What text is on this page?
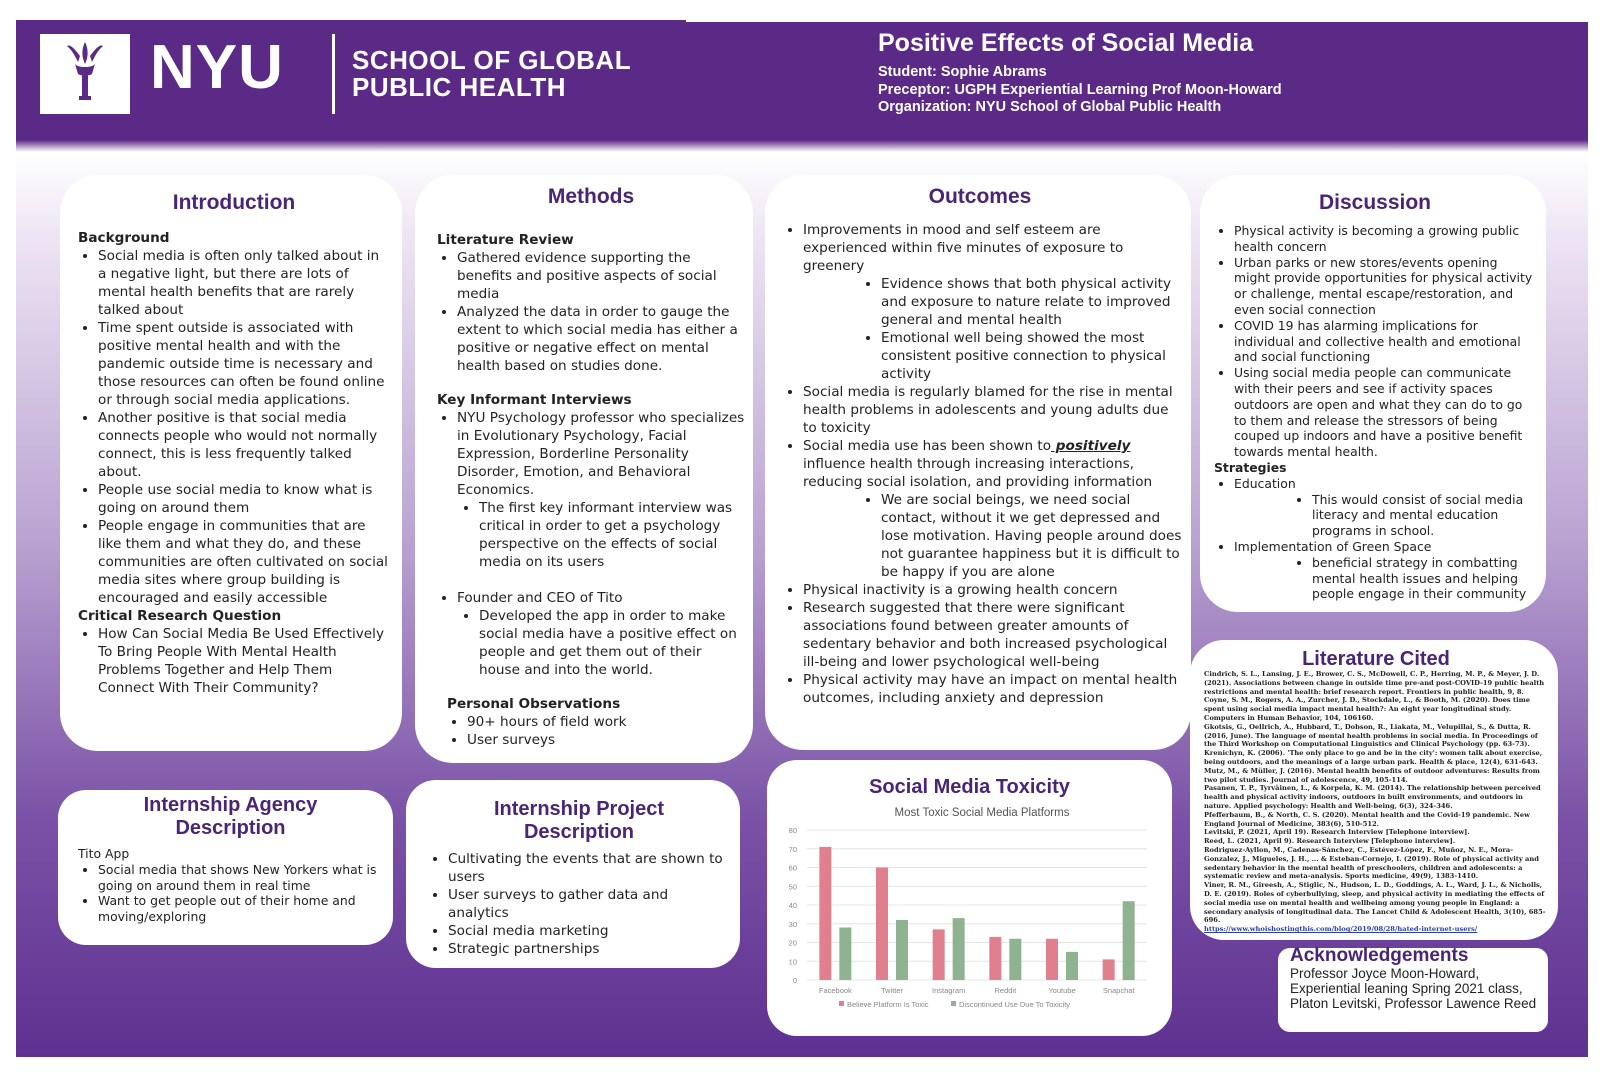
NYU	SCHOOL OF GLOBAL
PUBLIC HEALTH
Positive Effects of Social Media
Student: Sophie Abrams
Preceptor: UGPH Experiential Learning Prof Moon-Howard
Organization: NYU School of Global Public Health
Introduction

Background

• Social media is often only talked about in a negative light, but there are lots of mental health benefits that are rarely talked about
• Time spent outside is associated with positive mental health and with the pandemic outside time is necessary and those resources can often be found online or through social media applications.
• Another positive is that social media connects people who would not normally connect, this is less frequently talked about.
• People use social media to know what is going on around them
• People engage in communities that are like them and what they do, and these communities are often cultivated on social media sites where group building is encouraged and easily accessible

Critical Research Question

• How Can Social Media Be Used Effectively To Bring People With Mental Health Problems Together and Help Them Connect With Their Community?
Methods

Literature Review

• Gathered evidence supporting the benefits and positive aspects of social media
• Analyzed the data in order to gauge the extent to which social media has either a positive or negative effect on mental health based on studies done.

Key Informant Interviews

• NYU Psychology professor who specializes in Evolutionary Psychology, Facial Expression, Borderline Personality Disorder, Emotion, and Behavioral Economics.
• The first key informant interview was critical in order to get a psychology perspective on the effects of social media on its users
• Founder and CEO of Tito
• Developed the app in order to make social media have a positive effect on people and get them out of their house and into the world.

Personal Observations

• 90+ hours of field work
• User surveys
Outcomes
• Improvements in mood and self esteem are experienced within five minutes of exposure to greenery
• Evidence shows that both physical activity and exposure to nature relate to improved general and mental health
• Emotional well being showed the most consistent positive connection to physical activity
• Social media is regularly blamed for the rise in mental health problems in adolescents and young adults due to toxicity
• Social media use has been shown to positively influence health through increasing interactions, reducing social isolation, and providing information
• We are social beings, we need social contact, without it we get depressed and lose motivation. Having people around does not guarantee happiness but it is difficult to be happy if you are alone
• Physical inactivity is a growing health concern
• Research suggested that there were significant associations found between greater amounts of sedentary behavior and both increased psychological ill-being and lower psychological well-being
• Physical activity may have an impact on mental health outcomes, including anxiety and depression
Discussion
• Physical activity is becoming a growing public health concern
• Urban parks or new stores/events opening might provide opportunities for physical activity or challenge, mental escape/restoration, and even social connection
• COVID 19 has alarming implications for individual and collective health and emotional and social functioning
• Using social media people can communicate with their peers and see if activity spaces outdoors are open and what they can do to go to them and release the stressors of being couped up indoors and have a positive benefit towards mental health.

Strategies

• Education
• This would consist of social media literacy and mental education programs in school.
• Implementation of Green Space
• beneficial strategy in combatting mental health issues and helping people engage in their community
Literature Cited
Cindrich, S. L., Lansing, J. E., Brower, C. S., McDowell, C. P., Herring, M. P., & Meyer, J. D. (2021). Associations between change in outside time pre-and post-COVID-19 public health restrictions and mental health: brief research report. Frontiers in public health, 9, 8.
Coyne, S. M., Rogers, A. A., Zurcher, J. D., Stockdale, L., & Booth, M. (2020). Does time spent using social media impact mental health?: An eight year longitudinal study. Computers in Human Behavior, 104, 106160.
Gkotsis, G., Oellrich, A., Hubbard, T., Dobson, R., Liakata, M., Velupillai, S., & Dutta, R. (2016, June). The language of mental health problems in social media. In Proceedings of the Third Workshop on Computational Linguistics and Clinical Psychology (pp. 63-73).
Krenichyn, K. (2006). 'The only place to go and be in the city': women talk about exercise, being outdoors, and the meanings of a large urban park. Health & place, 12(4), 631-643.
Mutz, M., & Müller, J. (2016). Mental health benefits of outdoor adventures: Results from two pilot studies. Journal of adolescence, 49, 105-114.
Pasanen, T. P., Tyrväinen, L., & Korpela, K. M. (2014). The relationship between perceived health and physical activity indoors, outdoors in built environments, and outdoors in nature. Applied psychology: Health and Well-being, 6(3), 324-346.
Pfefferbaum, B., & North, C. S. (2020). Mental health and the Covid-19 pandemic. New England Journal of Medicine, 383(6), 510-512.
Levitski, P. (2021, April 19). Research Interview [Telephone interview].
Reed, L. (2021, April 9). Research Interview [Telephone interview].
Rodriguez-Ayllon, M., Cadenas-Sánchez, C., Estévez-López, F., Muñoz, N. E., Mora-Gonzalez, J., Migueles, J. H., ... & Esteban-Cornejo, I. (2019). Role of physical activity and sedentary behavior in the mental health of preschoolers, children and adolescents: a systematic review and meta-analysis. Sports medicine, 49(9), 1383-1410.
Viner, R. M., Gireesh, A., Stiglic, N., Hudson, L. D., Goddings, A. L., Ward, J. L., & Nicholls, D. E. (2019). Roles of cyberbullying, sleep, and physical activity in mediating the effects of social media use on mental health and wellbeing among young people in England: a secondary analysis of longitudinal data. The Lancet Child & Adolescent Health, 3(10), 685-696.
https://www.whoishostingthis.com/blog/2019/08/28/hated-internet-users/
Internship Agency
Description
Tito App
• Social media that shows New Yorkers what is going on around them in real time
• Want to get people out of their home and moving/exploring
Internship Project
Description
• Cultivating the events that are shown to users
• User surveys to gather data and analytics
• Social media marketing
• Strategic partnerships
Social Media Toxicity
Most Toxic Social Media Platforms
0
10
20
30
40
50
60
70
80
Facebook	Twitter	Instagram	Reddit	Youtube	Snapchat
Believe Platform Is Toxic	Discontinued Use Due To Toxicity
Acknowledgements
Professor Joyce Moon-Howard, Experiential leaning Spring 2021 class, Platon Levitski, Professor Lawence Reed
